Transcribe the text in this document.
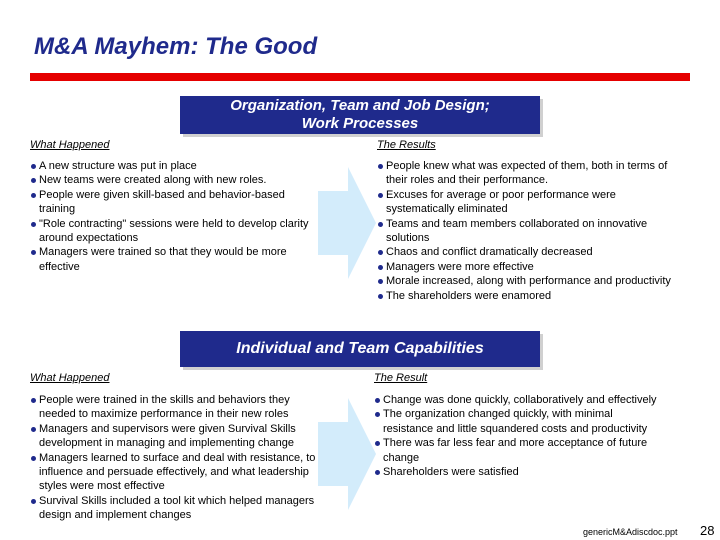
M&A Mayhem: The Good
Organization, Team and Job Design; Work Processes
What Happened	The Results
A new structure was put in place
New teams were created along with new roles.
People were given skill-based and behavior-based training
"Role contracting" sessions were held to develop clarity around expectations
Managers were trained so that they would be more effective
People knew what was expected of them, both in terms of their roles and their performance.
Excuses for average or poor performance were systematically eliminated
Teams and team members collaborated on innovative solutions
Chaos and conflict dramatically decreased
Managers were more effective
Morale increased, along with performance and productivity
The shareholders were enamored
Individual and Team Capabilities
What Happened	The Result
People were trained in the skills and behaviors they needed to maximize performance in their new roles
Managers and supervisors were given Survival Skills development in managing and implementing change
Managers learned to surface and deal with resistance, to influence and persuade effectively, and what leadership styles were most effective
Survival Skills included a tool kit which helped managers design and implement changes
Change was done quickly, collaboratively and effectively
The organization changed quickly, with minimal resistance and little squandered costs and productivity
There was far less fear and more acceptance of future change
Shareholders were satisfied
genericM&Adiscdoc.ppt 28
